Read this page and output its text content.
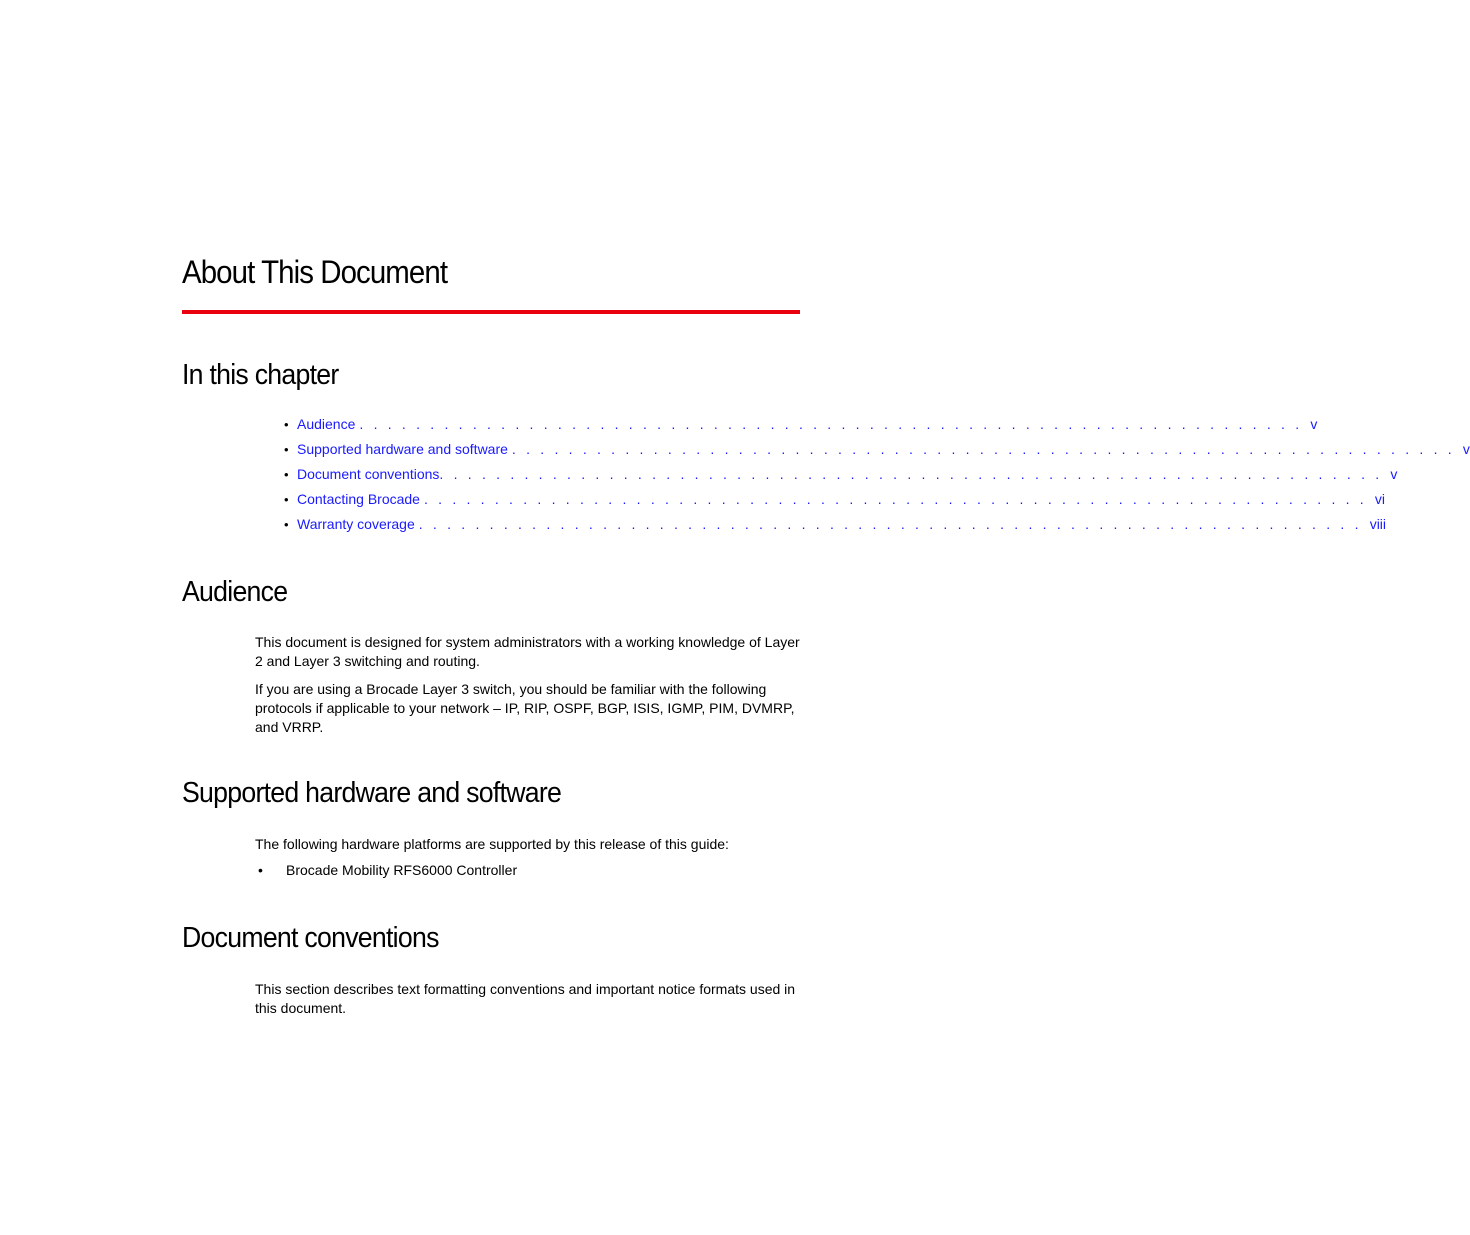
About This Document
In this chapter
• Audience . . . . . . . . . . . . . . . . . . . . . . . . . . . . . . . . . . . . . . . . . . . . . . . . . . . . . . . . . . . . . . . . . . . v
• Supported hardware and software . . . . . . . . . . . . . . . . . . . . . . . . . . . . . . . . . . . . . . . . . . . . . . . . . . . . . . . . . . . . . . . . . . . v
• Document conventions . . . . . . . . . . . . . . . . . . . . . . . . . . . . . . . . . . . . . . . . . . . . . . . . . . . . . . . . . . . . . . . . . . . v
• Contacting Brocade . . . . . . . . . . . . . . . . . . . . . . . . . . . . . . . . . . . . . . . . . . . . . . . . . . . . . . . . . . . . . . . . . . . vi
• Warranty coverage . . . . . . . . . . . . . . . . . . . . . . . . . . . . . . . . . . . . . . . . . . . . . . . . . . . . . . . . . . . . . . . . . . . viii
Audience

This document is designed for system administrators with a working knowledge of Layer 2 and Layer 3 switching and routing.

If you are using a Brocade Layer 3 switch, you should be familiar with the following protocols if applicable to your network – IP, RIP, OSPF, BGP, ISIS, IGMP, PIM, DVMRP, and VRRP.

Supported hardware and software

The following hardware platforms are supported by this release of this guide:

•	Brocade Mobility RFS6000 Controller
Document conventions

This section describes text formatting conventions and important notice formats used in this document.
